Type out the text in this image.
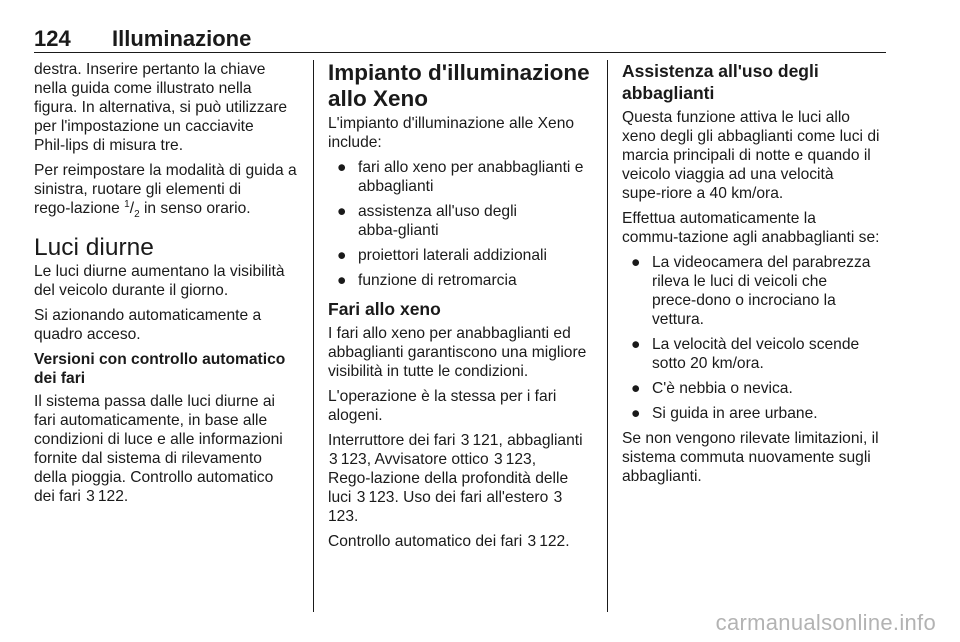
124 Illuminazione

destra. Inserire pertanto la chiave nella guida come illustrato nella figura. In alternativa, si può utilizzare per l'impostazione un cacciavite Phil‑lips di misura tre.

Per reimpostare la modalità di guida a sinistra, ruotare gli elementi di rego‑lazione $^1/_2$ in senso orario.

Luci diurne

Le luci diurne aumentano la visibilità del veicolo durante il giorno.

Si azionando automaticamente a quadro acceso.

Versioni con controllo automatico dei fari

Il sistema passa dalle luci diurne ai fari automaticamente, in base alle condizioni di luce e alle informazioni fornite dal sistema di rilevamento della pioggia. Controllo automatico dei fari 3 122.

Impianto d'illuminazione allo Xeno

L'impianto d'illuminazione alle Xeno include:

● fari allo xeno per anabbaglianti e abbaglianti
● assistenza all'uso degli abba‑glianti
● proiettori laterali addizionali
● funzione di retromarcia
Fari allo xeno

I fari allo xeno per anabbaglianti ed abbaglianti garantiscono una migliore visibilità in tutte le condizioni.

L'operazione è la stessa per i fari alogeni.

Interruttore dei fari 3 121, abbaglianti 3 123, Avvisatore ottico 3 123, Rego‑lazione della profondità delle luci 3 123. Uso dei fari all'estero 3123.

Controllo automatico dei fari 3 122.

Assistenza all'uso degli abbaglianti

Questa funzione attiva le luci allo xeno degli gli abbaglianti come luci di marcia principali di notte e quando il veicolo viaggia ad una velocità supe‑riore a 40 km/ora.

Effettua automaticamente la commu‑tazione agli anabbaglianti se:

● La videocamera del parabrezza rileva le luci di veicoli che prece‑dono o incrociano la vettura.
● La velocità del veicolo scende sotto 20 km/ora.
● C'è nebbia o nevica.
● Si guida in aree urbane.

Se non vengono rilevate limitazioni, il sistema commuta nuovamente sugli abbaglianti.

carmanualsonline.info
